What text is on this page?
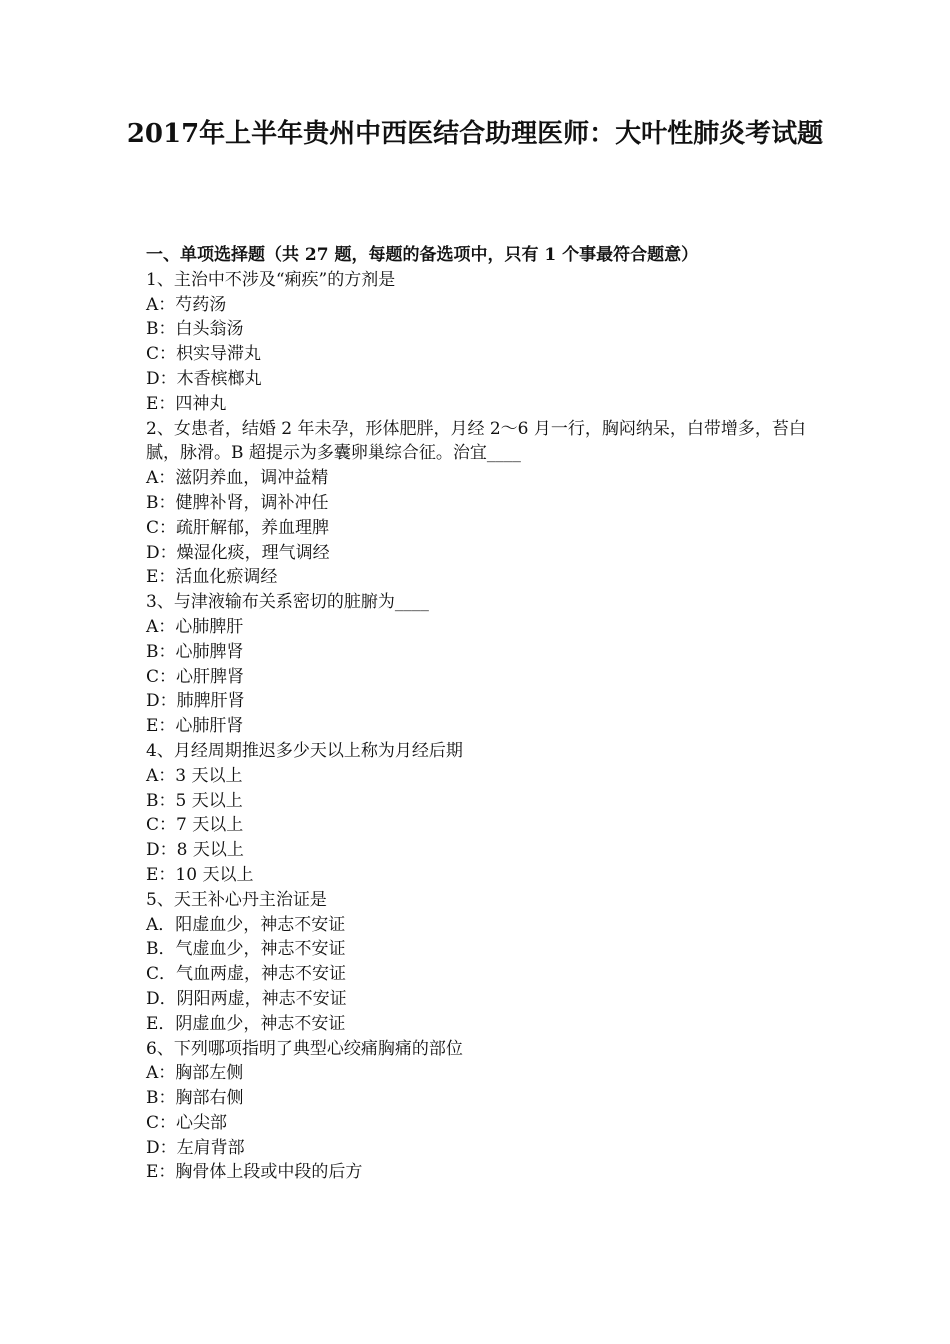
2017年上半年贵州中西医结合助理医师：大叶性肺炎考试题
一、单项选择题（共 27 题，每题的备选项中，只有 1 个事最符合题意）
1、主治中不涉及“痢疾”的方剂是
A：芍药汤
B：白头翁汤
C：枳实导滞丸
D：木香槟榔丸
E：四神丸
2、女患者，结婚 2 年未孕，形体肥胖，月经 2～6 月一行，胸闷纳呆，白带增多，苔白腻，脉滑。B 超提示为多囊卵巢综合征。治宜____
A：滋阴养血，调冲益精
B：健脾补肾，调补冲任
C：疏肝解郁，养血理脾
D：燥湿化痰，理气调经
E：活血化瘀调经
3、与津液输布关系密切的脏腑为____
A：心肺脾肝
B：心肺脾肾
C：心肝脾肾
D：肺脾肝肾
E：心肺肝肾
4、月经周期推迟多少天以上称为月经后期
A：3 天以上
B：5 天以上
C：7 天以上
D：8 天以上
E：10 天以上
5、天王补心丹主治证是
A．阳虚血少，神志不安证
B．气虚血少，神志不安证
C．气血两虚，神志不安证
D．阴阳两虚，神志不安证
E．阴虚血少，神志不安证
6、下列哪项指明了典型心绞痛胸痛的部位
A：胸部左侧
B：胸部右侧
C：心尖部
D：左肩背部
E：胸骨体上段或中段的后方
